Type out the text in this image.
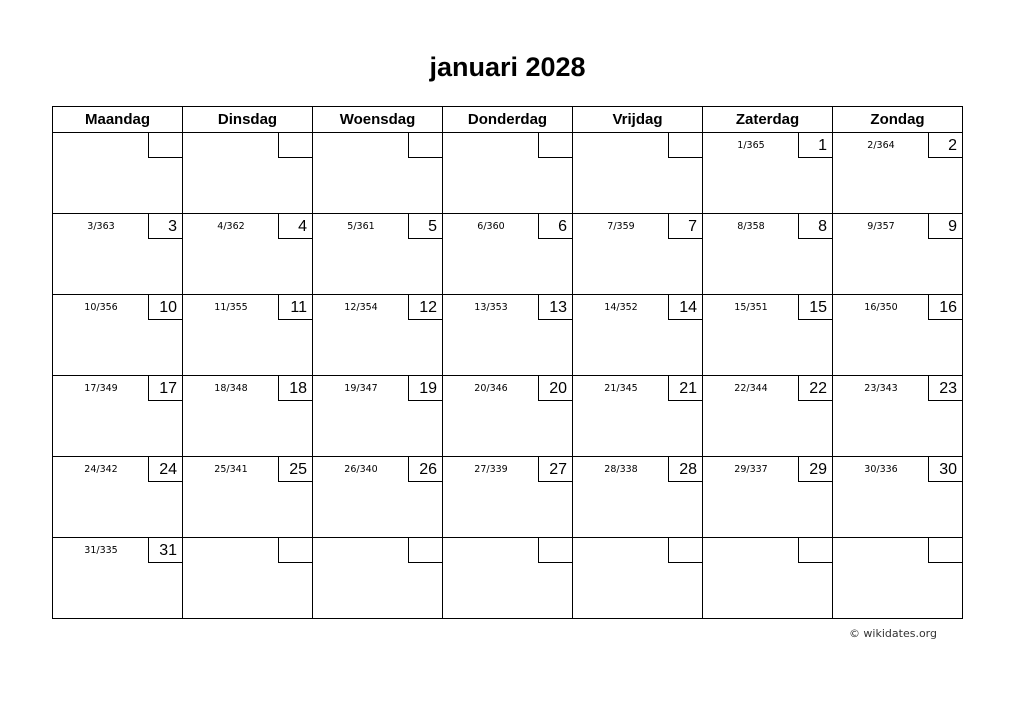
januari 2028
Maandag	Dinsdag	Woensdag	Donderdag	Vrijdag	Zaterdag	Zondag

					1/365 1	2/364 2

3/363 3	4/362 4	5/361 5	6/360 6	7/359 7	8/358 8	9/357 9

10/356 10	11/355 11	12/354 12	13/353 13	14/352 14	15/351 15	16/350 16

17/349 17	18/348 18	19/347 19	20/346 20	21/345 21	22/344 22	23/343 23

24/342 24	25/341 25	26/340 26	27/339 27	28/338 28	29/337 29	30/336 30

31/335 31						

© wikidates.org
